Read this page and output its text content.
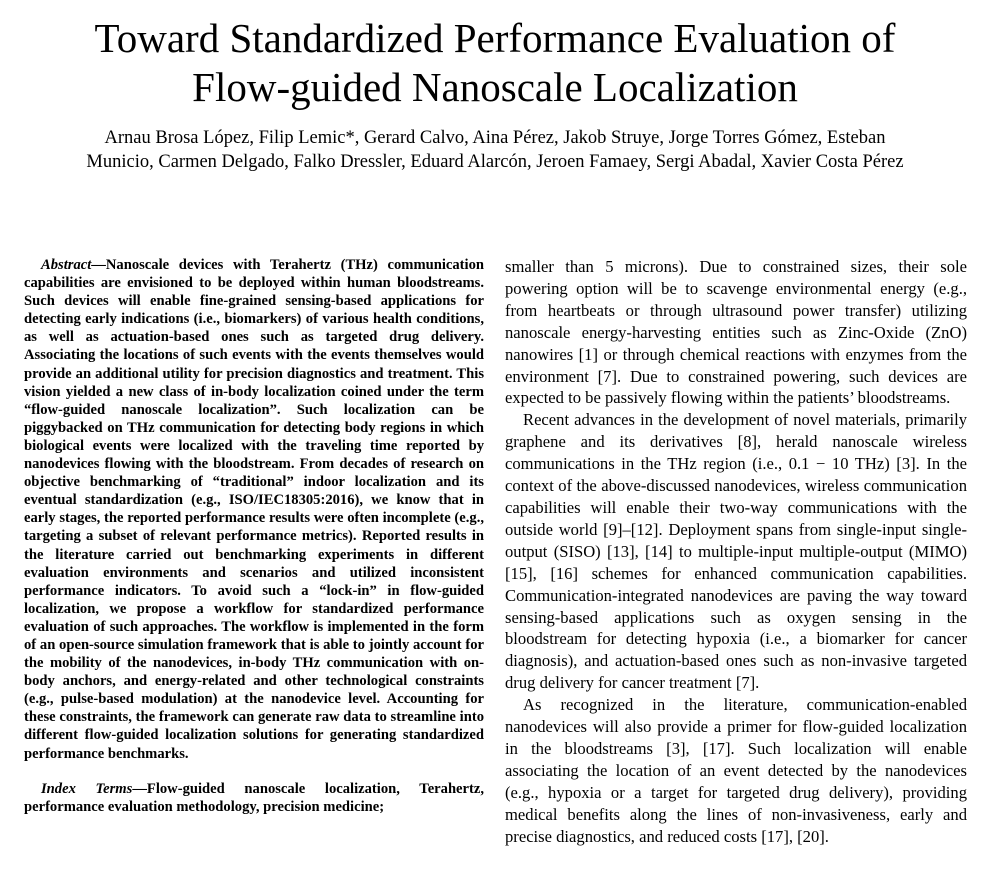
Toward Standardized Performance Evaluation of
Flow-guided Nanoscale Localization
Arnau Brosa López, Filip Lemic*, Gerard Calvo, Aina Pérez, Jakob Struye, Jorge Torres Gómez, Esteban
Municio, Carmen Delgado, Falko Dressler, Eduard Alarcón, Jeroen Famaey, Sergi Abadal, Xavier Costa Pérez

Abstract—Nanoscale devices with Terahertz (THz) communication capabilities are envisioned to be deployed within human bloodstreams. Such devices will enable fine-grained sensing-based applications for detecting early indications (i.e., biomarkers) of various health conditions, as well as actuation-based ones such as targeted drug delivery. Associating the locations of such events with the events themselves would provide an additional utility for precision diagnostics and treatment. This vision yielded a new class of in-body localization coined under the term “flow-guided nanoscale localization”. Such localization can be piggybacked on THz communication for detecting body regions in which biological events were localized with the traveling time reported by nanodevices flowing with the bloodstream. From decades of research on objective benchmarking of “traditional” indoor localization and its eventual standardization (e.g., ISO/IEC18305:2016), we know that in early stages, the reported performance results were often incomplete (e.g., targeting a subset of relevant performance metrics). Reported results in the literature carried out benchmarking experiments in different evaluation environments and scenarios and utilized inconsistent performance indicators. To avoid such a “lock-in” in flow-guided localization, we propose a workflow for standardized performance evaluation of such approaches. The workflow is implemented in the form of an open-source simulation framework that is able to jointly account for the mobility of the nanodevices, in-body THz communication with on-body anchors, and energy-related and other technological constraints (e.g., pulse-based modulation) at the nanodevice level. Accounting for these constraints, the framework can generate raw data to streamline into different flow-guided localization solutions for generating standardized performance benchmarks.

Index Terms—Flow-guided nanoscale localization, Terahertz, performance evaluation methodology, precision medicine;

smaller than 5 microns). Due to constrained sizes, their sole powering option will be to scavenge environmental energy (e.g., from heartbeats or through ultrasound power transfer) utilizing nanoscale energy-harvesting entities such as Zinc-Oxide (ZnO) nanowires [1] or through chemical reactions with enzymes from the environment [7]. Due to constrained powering, such devices are expected to be passively flowing within the patients’ bloodstreams.

Recent advances in the development of novel materials, primarily graphene and its derivatives [8], herald nanoscale wireless communications in the THz region (i.e., 0.1 − 10 THz) [3]. In the context of the above-discussed nanodevices, wireless communication capabilities will enable their two-way communications with the outside world [9]–[12]. Deployment spans from single-input single-output (SISO) [13], [14] to multiple-input multiple-output (MIMO) [15], [16] schemes for enhanced communication capabilities. Communication-integrated nanodevices are paving the way toward sensing-based applications such as oxygen sensing in the bloodstream for detecting hypoxia (i.e., a biomarker for cancer diagnosis), and actuation-based ones such as non-invasive targeted drug delivery for cancer treatment [7].

As recognized in the literature, communication-enabled nanodevices will also provide a primer for flow-guided localization in the bloodstreams [3], [17]. Such localization will enable associating the location of an event detected by the nanodevices (e.g., hypoxia or a target for targeted drug delivery), providing medical benefits along the lines of non-invasiveness, early and precise diagnostics, and reduced costs [17], [20].
